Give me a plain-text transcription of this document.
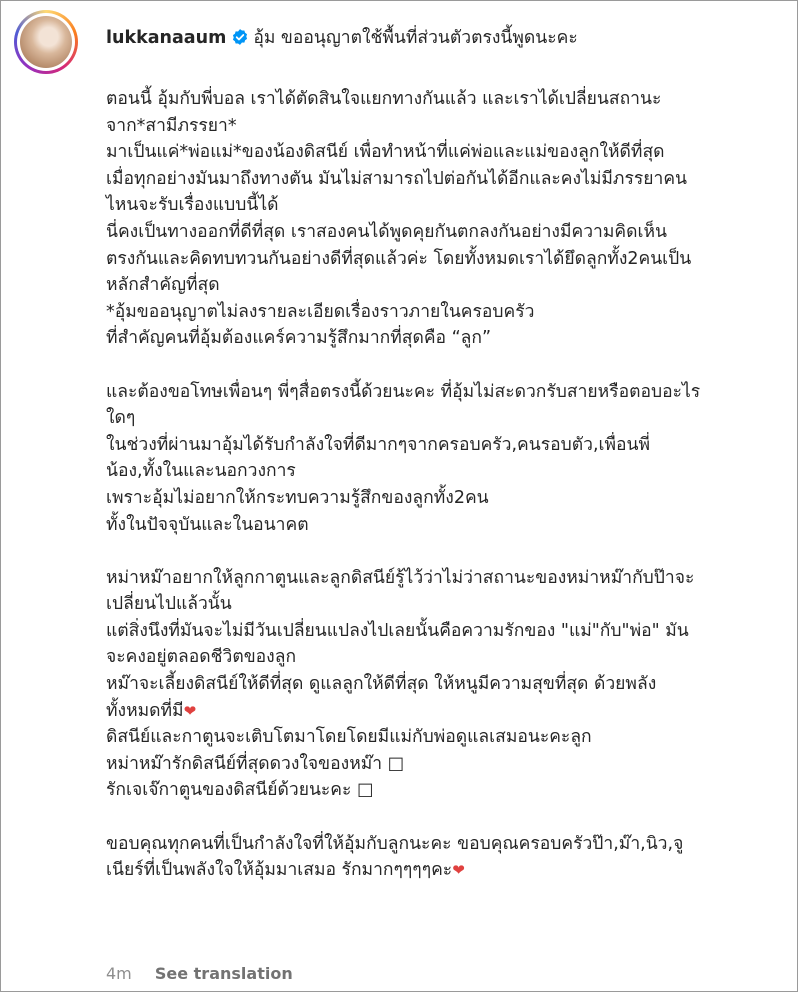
lukkanaaum อุ้ม ขออนุญาตใช้พื้นที่ส่วนตัวตรงนี้พูดนะคะ
ตอนนี้ อุ้มกับพี่บอล เราได้ตัดสินใจแยกทางกันแล้ว และเราได้เปลี่ยนสถานะ
จาก*สามีภรรยา*
มาเป็นแค่*พ่อแม่*ของน้องดิสนีย์ เพื่อทำหน้าที่แค่พ่อและแม่ของลูกให้ดีที่สุด
เมื่อทุกอย่างมันมาถึงทางตัน มันไม่สามารถไปต่อกันได้อีกและคงไม่มีภรรยาคน
ไหนจะรับเรื่องแบบนี้ได้
นี่คงเป็นทางออกที่ดีที่สุด เราสองคนได้พูดคุยกันตกลงกันอย่างมีความคิดเห็น
ตรงกันและคิดทบทวนกันอย่างดีที่สุดแล้วค่ะ โดยทั้งหมดเราได้ยึดลูกทั้ง2คนเป็น
หลักสำคัญที่สุด
*อุ้มขออนุญาตไม่ลงรายละเอียดเรื่องราวภายในครอบครัว
ที่สำคัญคนที่อุ้มต้องแคร์ความรู้สึกมากที่สุดคือ “ลูก”
และต้องขอโทษเพื่อนๆ พี่ๆสื่อตรงนี้ด้วยนะคะ ที่อุ้มไม่สะดวกรับสายหรือตอบอะไร
ใดๆ
ในช่วงที่ผ่านมาอุ้มได้รับกำลังใจที่ดีมากๆจากครอบครัว,คนรอบตัว,เพื่อนพี่
น้อง,ทั้งในและนอกวงการ
เพราะอุ้มไม่อยากให้กระทบความรู้สึกของลูกทั้ง2คน
ทั้งในปัจจุบันและในอนาคต
หม่าหม๊าอยากให้ลูกกาตูนและลูกดิสนีย์รู้ไว้ว่าไม่ว่าสถานะของหม่าหม๊ากับป๊าจะ
เปลี่ยนไปแล้วนั้น
แต่สิ่งนึงที่มันจะไม่มีวันเปลี่ยนแปลงไปเลยนั้นคือความรักของ "แม่"กับ"พ่อ" มัน
จะคงอยู่ตลอดชีวิตของลูก
หม๊าจะเลี้ยงดิสนีย์ให้ดีที่สุด ดูแลลูกให้ดีที่สุด ให้หนูมีความสุขที่สุด ด้วยพลัง
ทั้งหมดที่มี❤
ดิสนีย์และกาตูนจะเติบโตมาโดยโดยมีแม่กับพ่อดูแลเสมอนะคะลูก
หม่าหม๊ารักดิสนีย์ที่สุดดวงใจของหม๊า □
รักเจเจ๊กาตูนของดิสนีย์ด้วยนะคะ □
ขอบคุณทุกคนที่เป็นกำลังใจที่ให้อุ้มกับลูกนะคะ ขอบคุณครอบครัวป๊า,ม๊า,นิว,จู
เนียร์ที่เป็นพลังใจให้อุ้มมาเสมอ รักมากๆๆๆๆคะ❤
4m See translation
